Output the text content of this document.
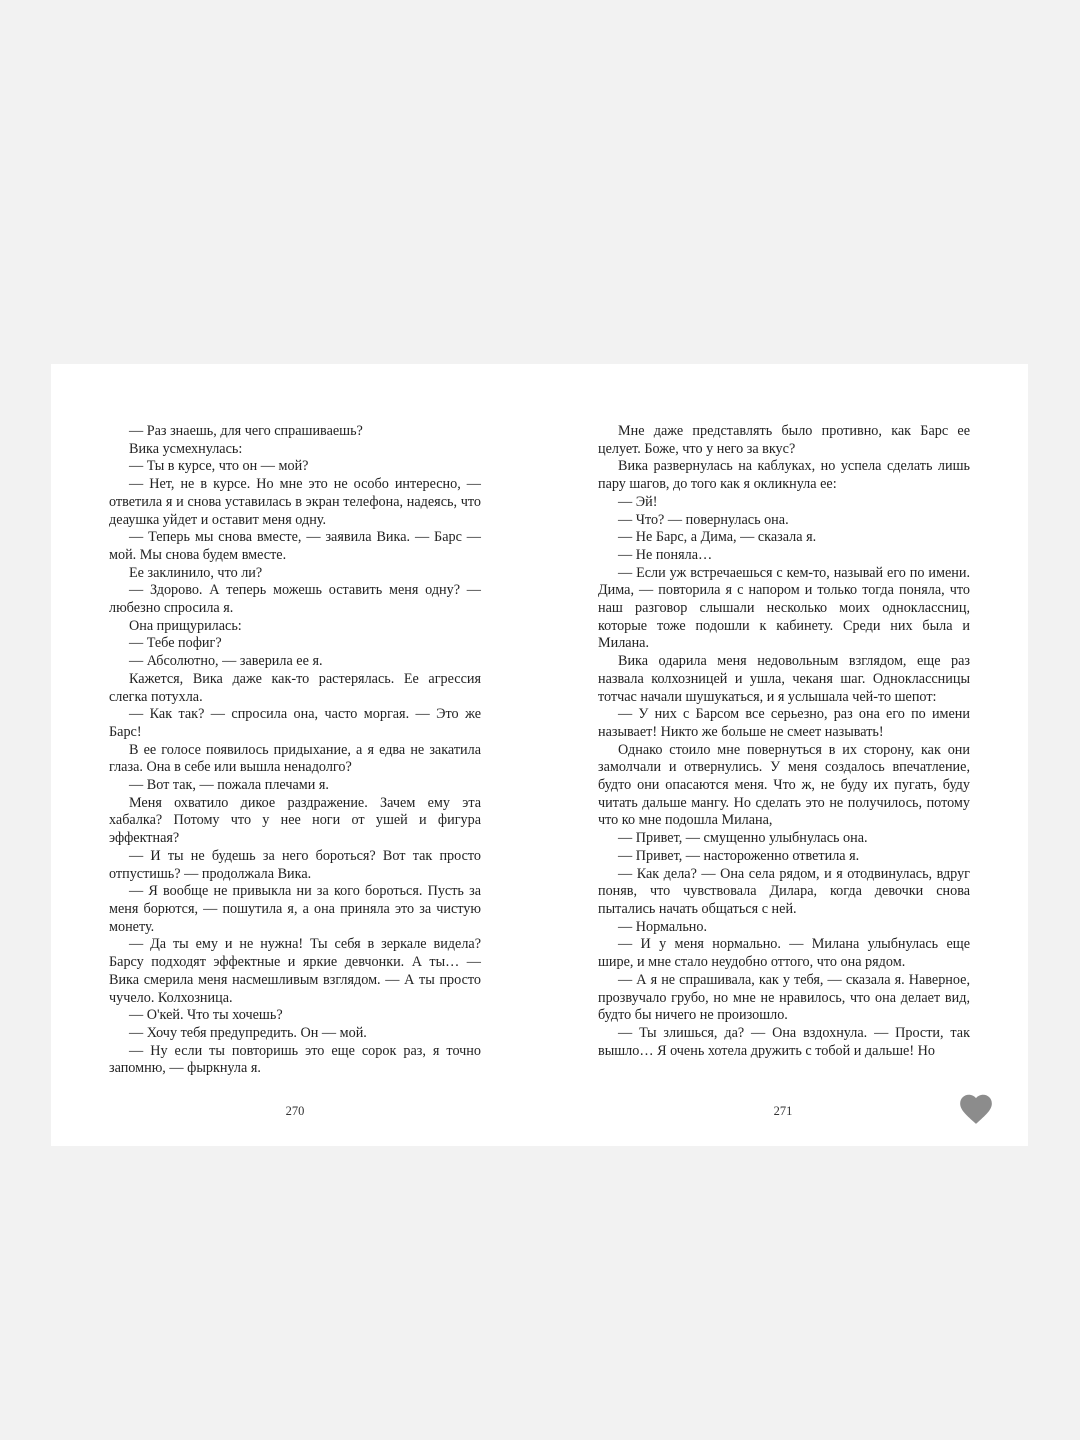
— Раз знаешь, для чего спрашиваешь?

Вика усмехнулась:

— Ты в курсе, что он — мой?

— Нет, не в курсе. Но мне это не особо интересно, — ответила я и снова уставилась в экран телефона, надеясь, что деаушка уйдет и оставит меня одну.

— Теперь мы снова вместе, — заявила Вика. — Барс — мой. Мы снова будем вместе.

Ее заклинило, что ли?

— Здорово. А теперь можешь оставить меня одну? — любезно спросила я.

Она прищурилась:

— Тебе пофиг?

— Абсолютно, — заверила ее я.

Кажется, Вика даже как-то растерялась. Ее агрессия слегка потухла.

— Как так? — спросила она, часто моргая. — Это же Барс!

В ее голосе появилось придыхание, а я едва не закатила глаза. Она в себе или вышла ненадолго?

— Вот так, — пожала плечами я.

Меня охватило дикое раздражение. Зачем ему эта хабалка? Потому что у нее ноги от ушей и фигура эффектная?

— И ты не будешь за него бороться? Вот так просто отпустишь? — продолжала Вика.

— Я вообще не привыкла ни за кого бороться. Пусть за меня борются, — пошутила я, а она приняла это за чистую монету.

— Да ты ему и не нужна! Ты себя в зеркале видела? Барсу подходят эффектные и яркие девчонки. А ты… — Вика смерила меня насмешливым взглядом. — А ты просто чучело. Колхозница.

— О'кей. Что ты хочешь?

— Хочу тебя предупредить. Он — мой.

— Ну если ты повторишь это еще сорок раз, я точно запомню, — фыркнула я.

Мне даже представлять было противно, как Барс ее целует. Боже, что у него за вкус?

Вика развернулась на каблуках, но успела сделать лишь пару шагов, до того как я окликнула ее:

— Эй!

— Что? — повернулась она.

— Не Барс, а Дима, — сказала я.

— Не поняла…

— Если уж встречаешься с кем-то, называй его по имени. Дима, — повторила я с напором и только тогда поняла, что наш разговор слышали несколько моих одноклассниц, которые тоже подошли к кабинету. Среди них была и Милана.

Вика одарила меня недовольным взглядом, еще раз назвала колхозницей и ушла, чеканя шаг. Одноклассницы тотчас начали шушукаться, и я услышала чей-то шепот:

— У них с Барсом все серьезно, раз она его по имени называет! Никто же больше не смеет называть!

Однако стоило мне повернуться в их сторону, как они замолчали и отвернулись. У меня создалось впечатление, будто они опасаются меня. Что ж, не буду их пугать, буду читать дальше мангу. Но сделать это не получилось, потому что ко мне подошла Милана,

— Привет, — смущенно улыбнулась она.

— Привет, — настороженно ответила я.

— Как дела? — Она села рядом, и я отодвинулась, вдруг поняв, что чувствовала Дилара, когда девочки снова пытались начать общаться с ней.

— Нормально.

— И у меня нормально. — Милана улыбнулась еще шире, и мне стало неудобно оттого, что она рядом.

— А я не спрашивала, как у тебя, — сказала я. Наверное, прозвучало грубо, но мне не нравилось, что она делает вид, будто бы ничего не произошло.

— Ты злишься, да? — Она вздохнула. — Прости, так вышло… Я очень хотела дружить с тобой и дальше! Но

270	271
